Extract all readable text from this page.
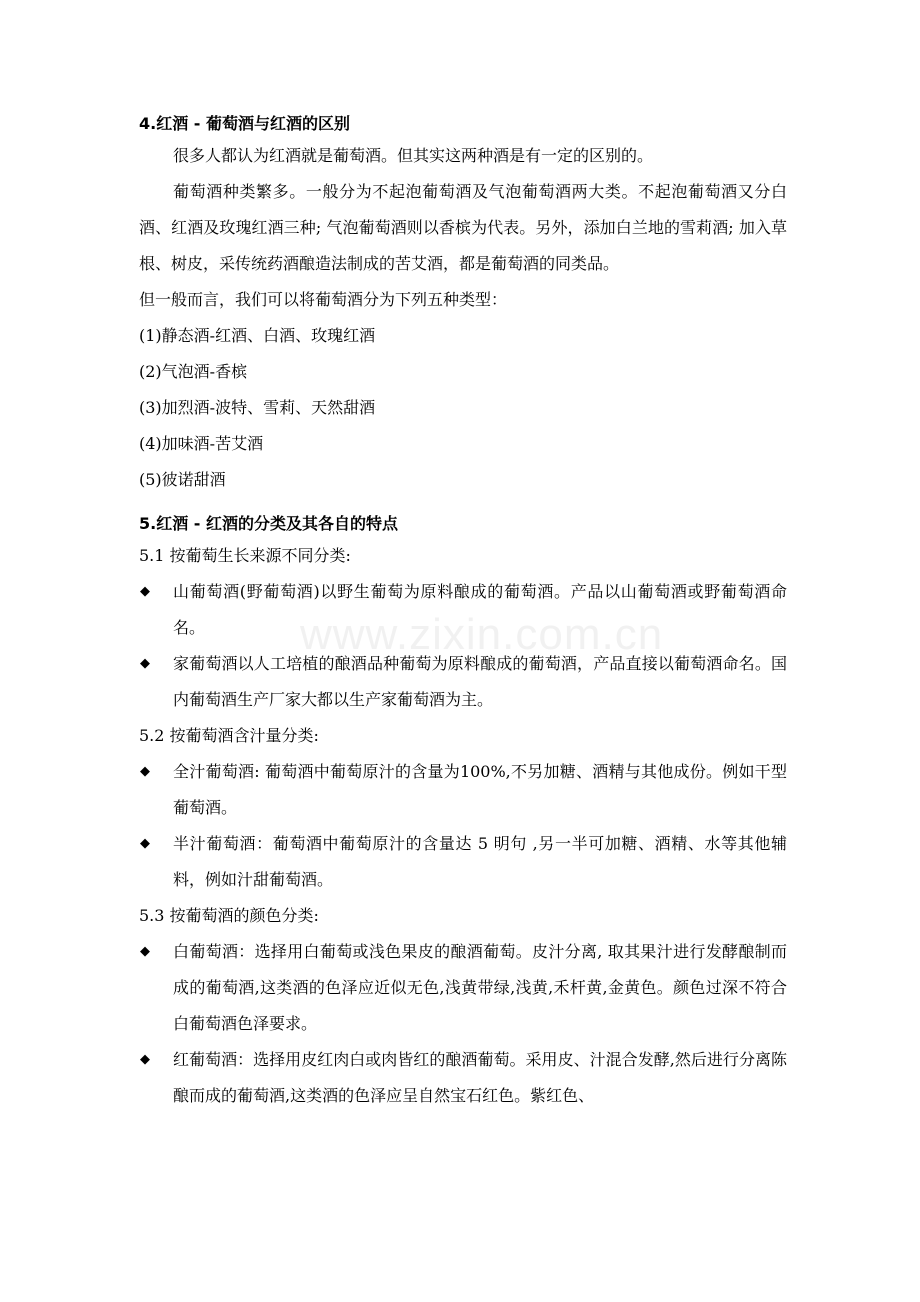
www.zixin.com.cn
4.红酒 - 葡萄酒与红酒的区别
很多人都认为红酒就是葡萄酒。但其实这两种酒是有一定的区别的。
葡萄酒种类繁多。一般分为不起泡葡萄酒及气泡葡萄酒两大类。不起泡葡萄酒又分白酒、红酒及玫瑰红酒三种; 气泡葡萄酒则以香槟为代表。另外，添加白兰地的雪莉酒; 加入草根、树皮，采传统药酒酿造法制成的苦艾酒，都是葡萄酒的同类品。
但一般而言，我们可以将葡萄酒分为下列五种类型：
(1)静态酒-红酒、白酒、玫瑰红酒
(2)气泡酒-香槟
(3)加烈酒-波特、雪莉、天然甜酒
(4)加味酒-苦艾酒
(5)彼诺甜酒
5.红酒 - 红酒的分类及其各自的特点
5.1 按葡萄生长来源不同分类:
◆ 山葡萄酒(野葡萄酒)以野生葡萄为原料酿成的葡萄酒。产品以山葡萄酒或野葡萄酒命名。
◆ 家葡萄酒以人工培植的酿酒品种葡萄为原料酿成的葡萄酒，产品直接以葡萄酒命名。国内葡萄酒生产厂家大都以生产家葡萄酒为主。
5.2 按葡萄酒含汁量分类:
◆ 全汁葡萄酒: 葡萄酒中葡萄原汁的含量为100%,不另加糖、酒精与其他成份。例如干型葡萄酒。
◆ 半汁葡萄酒：葡萄酒中葡萄原汁的含量达 5 明句 ,另一半可加糖、酒精、水等其他辅料，例如汁甜葡萄酒。
5.3 按葡萄酒的颜色分类:
◆ 白葡萄酒：选择用白葡萄或浅色果皮的酿酒葡萄。皮汁分离, 取其果汁进行发酵酿制而成的葡萄酒,这类酒的色泽应近似无色,浅黄带绿,浅黄,禾杆黄,金黄色。颜色过深不符合白葡萄酒色泽要求。
◆ 红葡萄酒：选择用皮红肉白或肉皆红的酿酒葡萄。采用皮、汁混合发酵,然后进行分离陈酿而成的葡萄酒,这类酒的色泽应呈自然宝石红色。紫红色、
